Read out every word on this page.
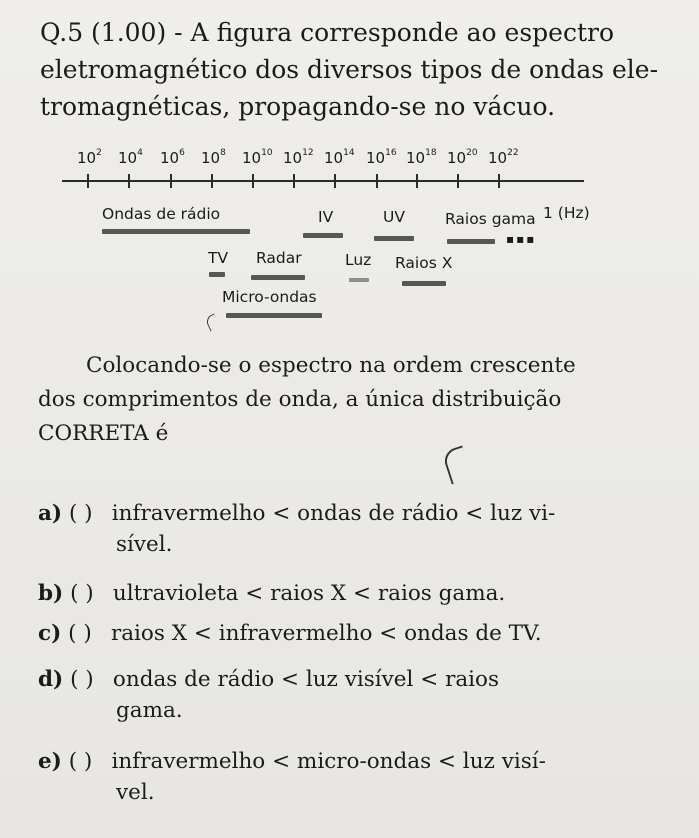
Q.5 (1.00) - A figura corresponde ao espectro
eletromagnético dos diversos tipos de ondas ele-
tromagnéticas, propagando-se no vácuo.
$10^2$ $10^4$ $10^6$ $10^8$ $10^{10}$ $10^{12}$ $10^{14}$ $10^{16}$ $10^{18}$ $10^{20}$ $10^{22}$
Ondas de rádio	IV	UV	Raios gama 1 (Hz)
▪▪▪
TV Radar	Luz Raios X
Micro-ondas
Colocando-se o espectro na ordem crescente
dos comprimentos de onda, a única distribuição
CORRETA é
a) ( ) infravermelho < ondas de rádio < luz vi-
sível.
b) ( ) ultravioleta < raios X < raios gama.
c) ( ) raios X < infravermelho < ondas de TV.
d) ( ) ondas de rádio < luz visível < raios
gama.
e) ( ) infravermelho < micro-ondas < luz visí-
vel.
